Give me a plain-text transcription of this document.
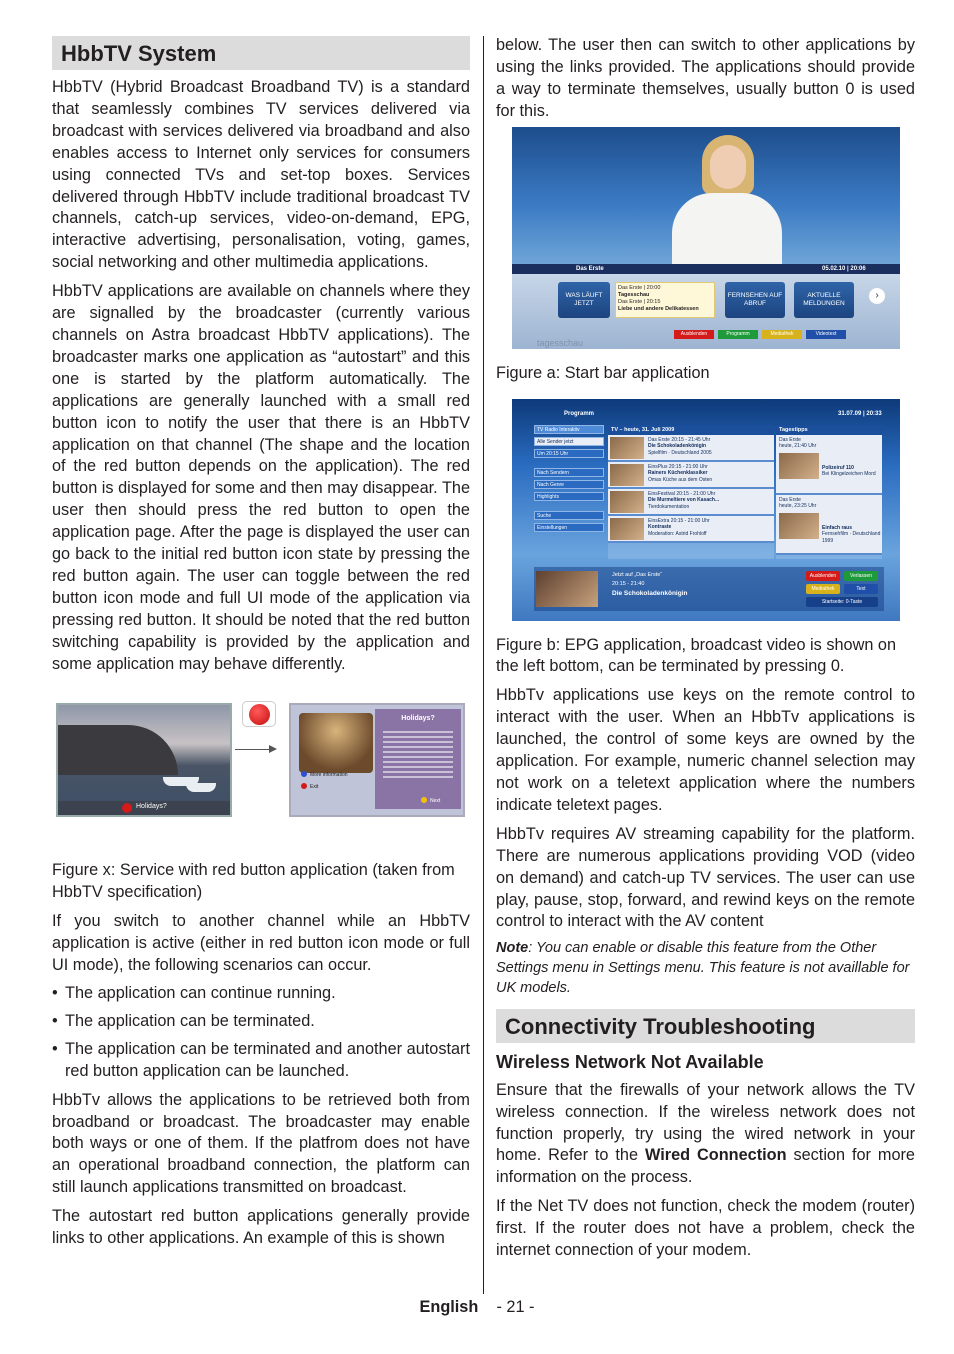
HbbTV System

HbbTV (Hybrid Broadcast Broadband TV) is a standard that seamlessly combines TV services delivered via broadcast with services delivered via broadband and also enables access to Internet only services for consumers using connected TVs and set-top boxes. Services delivered through HbbTV include traditional broadcast TV channels, catch-up services, video-on-demand, EPG, interactive advertising, personalisation, voting, games, social networking and other multimedia applications.

HbbTV applications are available on channels where they are signalled by the broadcaster (currently various channels on Astra broadcast HbbTV applications). The broadcaster marks one application as “autostart” and this one is started by the platform automatically. The applications are generally launched with a small red button icon to notify the user that there is an HbbTV application on that channel (The shape and the location of the red button depends on the application). The red button is displayed for some and then may disappear. The user then should press the red button to open the application page. After the page is displayed the user can go back to the initial red button icon state by pressing the red button again. The user can toggle between the red button icon mode and full UI mode of the application via pressing red button. It should be noted that the red button switching capability is provided by the application and some application may behave differently.

Holidays?
More information
Exit
Holidays?
Next

Figure x: Service with red button application (taken from HbbTV specification)

If you switch to another channel while an HbbTV application is active (either in red button icon mode or full UI mode), the following scenarios can occur.

• The application can continue running.
• The application can be terminated.
• The application can be terminated and another autostart red button application can be launched.

HbbTv allows the applications to be retrieved both from broadband or broadcast. The broadcaster may enable both ways or one of them. If the platfrom does not have an operational broadband connection, the platform can still launch applications transmitted on broadcast.

The autostart red button applications generally provide links to other applications. An example of this is shown

below. The user then can switch to other applications by using the links provided. The applications should provide a way to terminate themselves, usually button 0 is used for this.

Das Erste	05.02.10 | 20:06
WAS LÄUFT JETZT
Das Erste | 20:00
Tagesschau
Das Erste | 20:15
Liebe und andere Delikatessen
FERNSEHEN AUF ABRUF
AKTUELLE MELDUNGEN
›
Ausblenden	Programm	Mediathek	Videotext
tagesschau

Figure a: Start bar application

Programm	31.07.09 | 20:33
TV Radio Interaktiv
Alle Sender jetzt
Um 20:15 Uhr
Nach Sendern
Nach Genre
Highlights
Suche
Einstellungen
TV – heute, 31. Juli 2009
Das Erste 20:15 - 21:45 Uhr
Die Schokoladenkönigin
Spielfilm · Deutschland 2005
EinsPlus 20:15 - 21:00 Uhr
Rainers Küchenklassiker
Omas Küche aus dem Osten
EinsFestival 20:15 - 21:00 Uhr
Die Murmeltiere von Kasach...
Tierdokumentation
EinsExtra 20:15 - 21:00 Uhr
Kontraste
Moderation: Astrid Frohloff
Tagestipps
Das Erste
heute, 21:40 Uhr
Polizeiruf 110
Bei Klingelzeichen Mord
Das Erste
heute, 23:25 Uhr
Einfach raus
Fernsehfilm · Deutschland 1999
Jetzt auf „Das Erste“
20:15 - 21:40
Die Schokoladenkönigin
Ausblenden	Verlassen
Mediathek	Text
Startseite: 0-Taste

Figure b: EPG application, broadcast video is shown on the left bottom, can be terminated by pressing 0.

HbbTv applications use keys on the remote control to interact with the user. When an HbbTv applications is launched, the control of some keys are owned by the application. For example, numeric channel selection may not work on a teletext application where the numbers indicate teletext pages.

HbbTv requires AV streaming capability for the platform. There are numerous applications providing VOD (video on demand) and catch-up TV services. The user can use play, pause, stop, forward, and rewind keys on the remote control to interact with the AV content

Note: You can enable or disable this feature from the Other Settings menu in Settings menu. This feature is not availlable for UK models.

Connectivity Troubleshooting
Wireless Network Not Available

Ensure that the firewalls of your network allows the TV wireless connection. If the wireless network does not function properly, try using the wired network in your home. Refer to the Wired Connection section for more information on the process.

If the Net TV does not function, check the modem (router) first. If the router does not have a problem, check the internet connection of your modem.

English - 21 -
